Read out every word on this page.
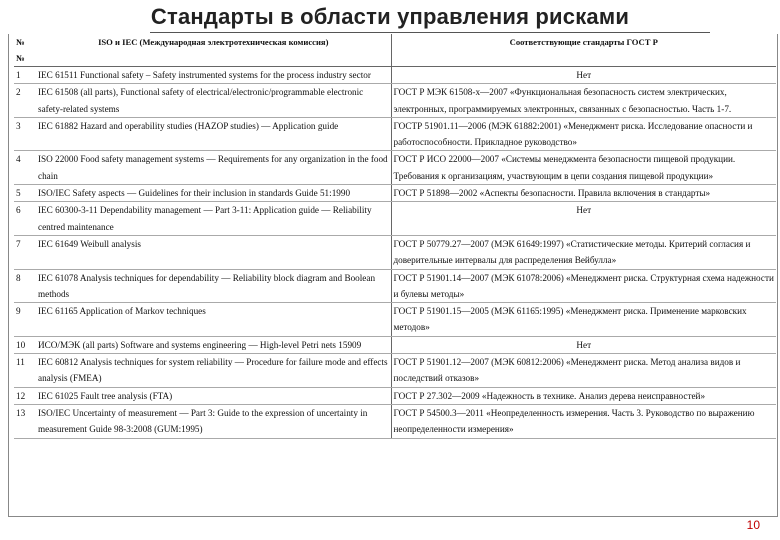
Стандарты в области управления рисками
№ №	ISO и IEC (Международная электротехническая комиссия)	Соответствующие стандарты ГОСТ Р
1	IEC 61511 Functional safety – Safety instrumented systems for the process industry sector	Нет
2	IEC 61508 (all parts), Functional safety of electrical/electronic/programmable electronic safety-related systems	ГОСТ Р МЭК 61508-х—2007 «Функциональная безопасность систем электрических, электронных, программируемых электронных, связанных с безопасностью. Часть 1-7.
3	IEC 61882 Hazard and operability studies (HAZOP studies) — Application guide	ГОСТР 51901.11—2006 (МЭК 61882:2001) «Менеджмент риска. Исследование опасности и работоспособности. Прикладное руководство»
4	ISO 22000 Food safety management systems — Requirements for any organization in the food chain	ГОСТ Р ИСО 22000—2007 «Системы менеджмента безопасности пищевой продукции. Требования к организациям, участвующим в цепи создания пищевой продукции»
5	ISO/IEC Safety aspects — Guidelines for their inclusion in standards Guide 51:1990	ГОСТ Р 51898—2002 «Аспекты безопасности. Правила включения в стандарты»
6	IEC 60300-3-11 Dependability management — Part 3-11: Application guide — Reliability centred maintenance	Нет
7	IEC 61649 Weibull analysis	ГОСТ Р 50779.27—2007 (МЭК 61649:1997) «Статистические методы. Критерий согласия и доверительные интервалы для распределения Вейбулла»
8	IEC 61078 Analysis techniques for dependability — Reliability block diagram and Boolean methods	ГОСТ Р 51901.14—2007 (МЭК 61078:2006) «Менеджмент риска. Структурная схема надежности и булевы методы»
9	IEC 61165 Application of Markov techniques	ГОСТ Р 51901.15—2005 (МЭК 61165:1995) «Менеджмент риска. Применение марковских методов»
10	ИСО/МЭК (all parts) Software and systems engineering — High-level Petri nets 15909	Нет
11	IEC 60812 Analysis techniques for system reliability — Procedure for failure mode and effects analysis (FMEA)	ГОСТ Р 51901.12—2007 (МЭК 60812:2006) «Менеджмент риска. Метод анализа видов и последствий отказов»
12	IEC 61025 Fault tree analysis (FTA)	ГОСТ Р 27.302—2009 «Надежность в технике. Анализ дерева неисправностей»
13	ISO/IEC Uncertainty of measurement — Part 3: Guide to the expression of uncertainty in measurement Guide 98-3:2008 (GUM:1995)	ГОСТ Р 54500.3—2011 «Неопределенность измерения. Часть 3. Руководство по выражению неопределенности измерения»
10
